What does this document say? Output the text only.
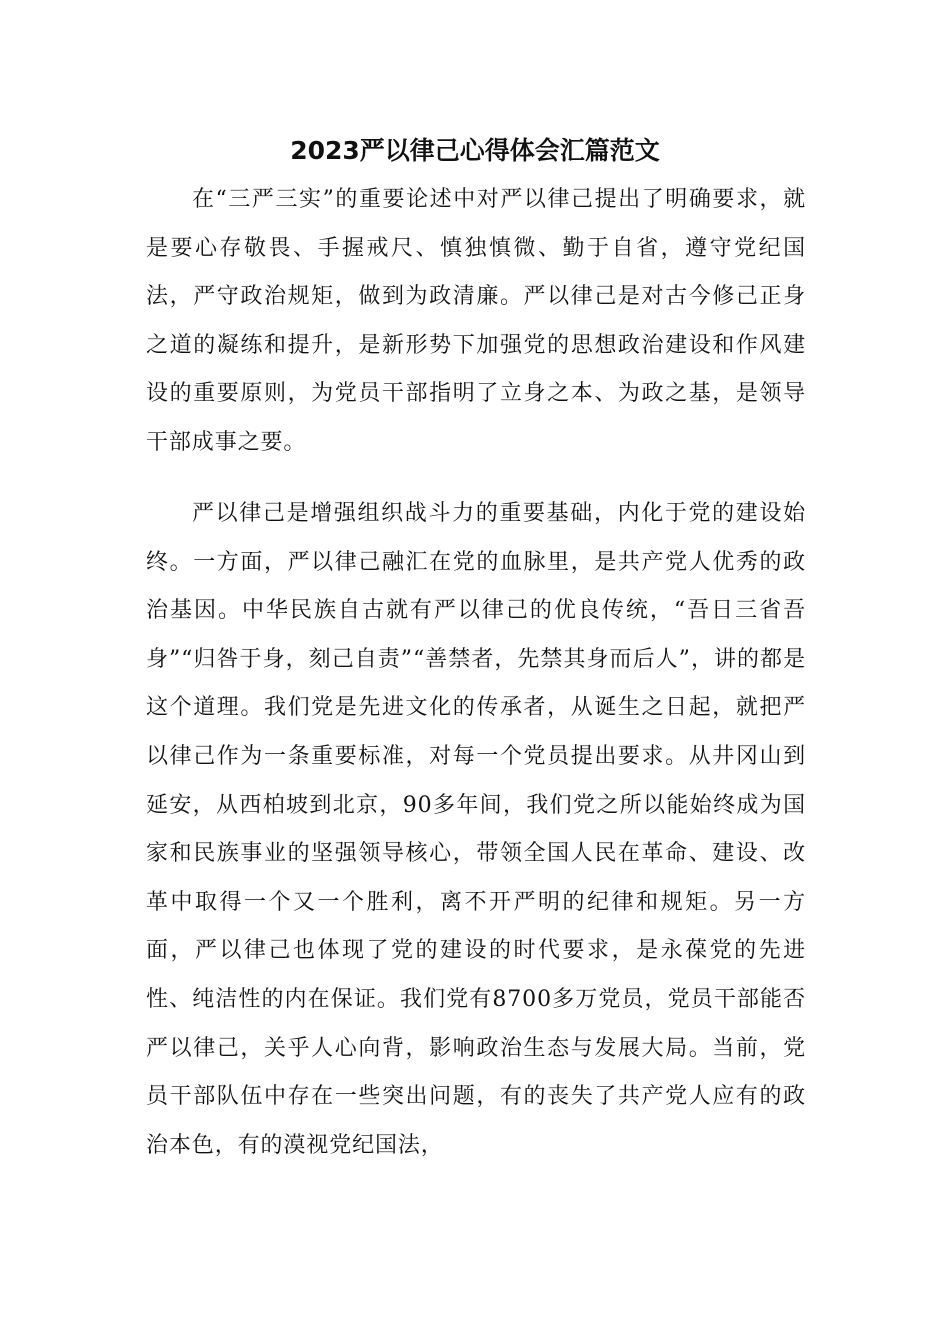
2023严以律己心得体会汇篇范文

在“三严三实”的重要论述中对严以律己提出了明确要求，就是要心存敬畏、手握戒尺、慎独慎微、勤于自省，遵守党纪国法，严守政治规矩，做到为政清廉。严以律己是对古今修己正身之道的凝练和提升，是新形势下加强党的思想政治建设和作风建设的重要原则，为党员干部指明了立身之本、为政之基，是领导干部成事之要。

严以律己是增强组织战斗力的重要基础，内化于党的建设始终。一方面，严以律己融汇在党的血脉里，是共产党人优秀的政治基因。中华民族自古就有严以律己的优良传统，“吾日三省吾身”“归咎于身，刻己自责”“善禁者，先禁其身而后人”，讲的都是这个道理。我们党是先进文化的传承者，从诞生之日起，就把严以律己作为一条重要标准，对每一个党员提出要求。从井冈山到延安，从西柏坡到北京，90多年间，我们党之所以能始终成为国家和民族事业的坚强领导核心，带领全国人民在革命、建设、改革中取得一个又一个胜利，离不开严明的纪律和规矩。另一方面，严以律己也体现了党的建设的时代要求，是永葆党的先进性、纯洁性的内在保证。我们党有8700多万党员，党员干部能否严以律己，关乎人心向背，影响政治生态与发展大局。当前，党员干部队伍中存在一些突出问题，有的丧失了共产党人应有的政治本色，有的漠视党纪国法，
